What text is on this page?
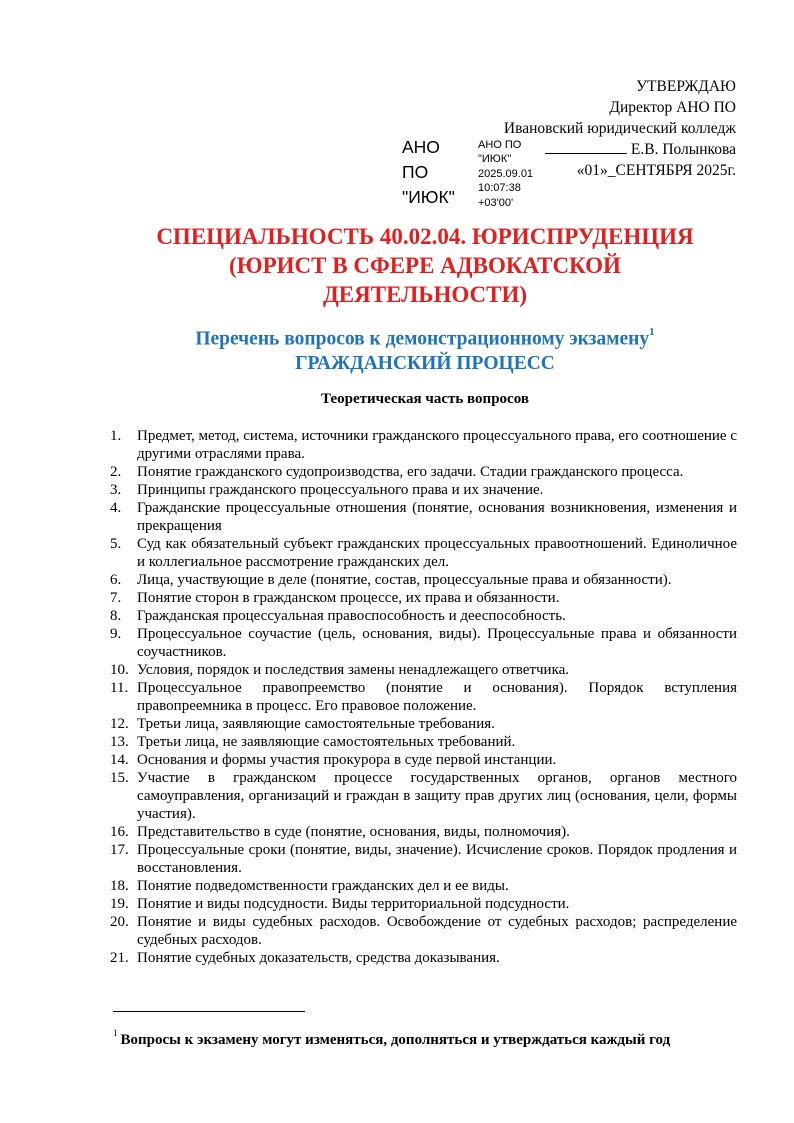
УТВЕРЖДАЮ
Директор АНО ПО
Ивановский юридический колледж
Е.В. Полынкова
«01»_СЕНТЯБРЯ 2025г.
АНО
ПО
"ИЮК"
АНО ПО
"ИЮК"
2025.09.01
10:07:38
+03'00'
СПЕЦИАЛЬНОСТЬ 40.02.04. ЮРИСПРУДЕНЦИЯ
(ЮРИСТ В СФЕРЕ АДВОКАТСКОЙ
ДЕЯТЕЛЬНОСТИ)
Перечень вопросов к демонстрационному экзамену$^1$
ГРАЖДАНСКИЙ ПРОЦЕСС
Теоретическая часть вопросов
1. Предмет, метод, система, источники гражданского процессуального права, его соотношение с другими отраслями права.
2. Понятие гражданского судопроизводства, его задачи. Стадии гражданского процесса.
3. Принципы гражданского процессуального права и их значение.
4. Гражданские процессуальные отношения (понятие, основания возникновения, изменения и прекращения
5. Суд как обязательный субъект гражданских процессуальных правоотношений. Единоличное и коллегиальное рассмотрение гражданских дел.
6. Лица, участвующие в деле (понятие, состав, процессуальные права и обязанности).
7. Понятие сторон в гражданском процессе, их права и обязанности.
8. Гражданская процессуальная правоспособность и дееспособность.
9. Процессуальное соучастие (цель, основания, виды). Процессуальные права и обязанности соучастников.
10. Условия, порядок и последствия замены ненадлежащего ответчика.
11. Процессуальное правопреемство (понятие и основания). Порядок вступления правопреемника в процесс. Его правовое положение.
12. Третьи лица, заявляющие самостоятельные требования.
13. Третьи лица, не заявляющие самостоятельных требований.
14. Основания и формы участия прокурора в суде первой инстанции.
15. Участие в гражданском процессе государственных органов, органов местного самоуправления, организаций и граждан в защиту прав других лиц (основания, цели, формы участия).
16. Представительство в суде (понятие, основания, виды, полномочия).
17. Процессуальные сроки (понятие, виды, значение). Исчисление сроков. Порядок продления и восстановления.
18. Понятие подведомственности гражданских дел и ее виды.
19. Понятие и виды подсудности. Виды территориальной подсудности.
20. Понятие и виды судебных расходов. Освобождение от судебных расходов; распределение судебных расходов.
21. Понятие судебных доказательств, средства доказывания.
$^1$ Вопросы к экзамену могут изменяться, дополняться и утверждаться каждый год
